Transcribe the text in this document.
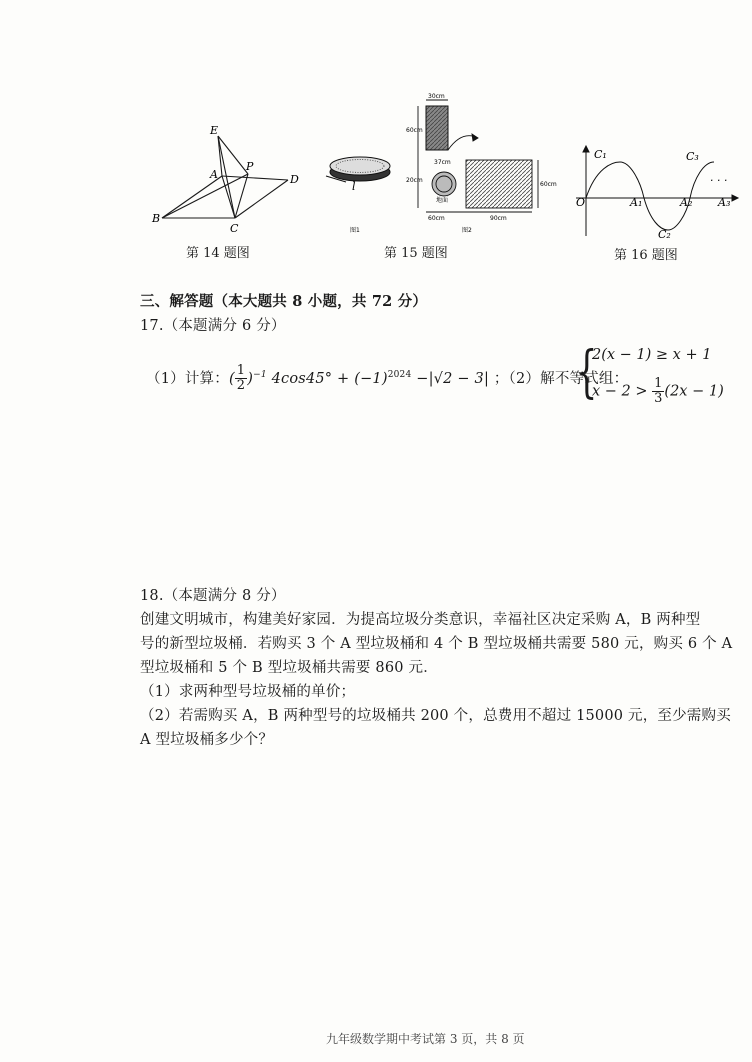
E
A
P
D
B
C
第 14 题图
l
图1
30cm
60cm
20cm
37cm
60cm
60cm	90cm
地面
图2
第 15 题图
C₁	C₃
C₂
O	A₁	A₂ A₃
· · ·
第 16 题图
三、解答题（本大题共 8 小题，共 72 分）
17.（本题满分 6 分）
（1）计算：( $\frac{1}{2} )^{-1}$ $4\cos 45^\circ + (-1)^{2024} -|√2 - 3|$ ；（2）解不等式组：
{
2(x − 1) ≥ x + 1
$x - 2 > \frac{1}{3} (2x - 1)$
18.（本题满分 8 分）
创建文明城市，构建美好家园．为提高垃圾分类意识，幸福社区决定采购 A，B 两种型
号的新型垃圾桶．若购买 3 个 A 型垃圾桶和 4 个 B 型垃圾桶共需要 580 元，购买 6 个 A
型垃圾桶和 5 个 B 型垃圾桶共需要 860 元．
（1）求两种型号垃圾桶的单价；
（2）若需购买 A，B 两种型号的垃圾桶共 200 个，总费用不超过 15000 元，至少需购买
A 型垃圾桶多少个？
九年级数学期中考试第 3 页，共 8 页
